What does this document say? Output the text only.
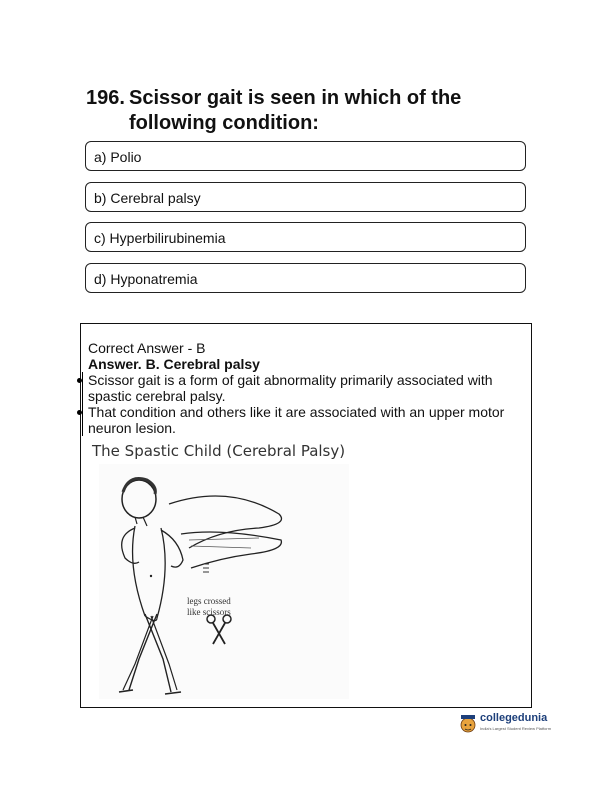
196. Scissor gait is seen in which of the
following condition:
a) Polio
b) Cerebral palsy
c) Hyperbilirubinemia
d) Hyponatremia
Correct Answer - B
Answer. B. Cerebral palsy
Scissor gait is a form of gait abnormality primarily associated with spastic cerebral palsy.
That condition and others like it are associated with an upper motor neuron lesion.
The Spastic Child (Cerebral Palsy)
legs crossed
like scissors
collegedunia
India's Largest Student Review Platform
